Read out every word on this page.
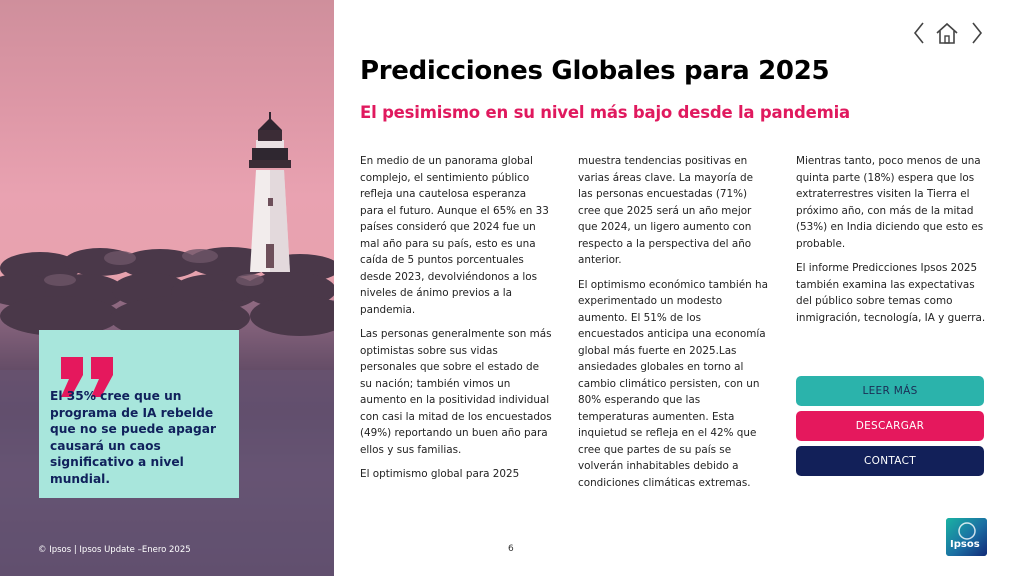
© Ipsos | Ipsos Update –Enero 2025
El 35% cree que un programa de IA rebelde que no se puede apagar causará un caos significativo a nivel mundial.
Predicciones Globales para 2025
El pesimismo en su nivel más bajo desde la pandemia

En medio de un panorama global complejo, el sentimiento público refleja una cautelosa esperanza para el futuro. Aunque el 65% en 33 países consideró que 2024 fue un mal año para su país, esto es una caída de 5 puntos porcentuales desde 2023, devolviéndonos a los niveles de ánimo previos a la pandemia.

Las personas generalmente son más optimistas sobre sus vidas personales que sobre el estado de su nación; también vimos un aumento en la positividad individual con casi la mitad de los encuestados (49%) reportando un buen año para ellos y sus familias.

El optimismo global para 2025

muestra tendencias positivas en varias áreas clave. La mayoría de las personas encuestadas (71%) cree que 2025 será un año mejor que 2024, un ligero aumento con respecto a la perspectiva del año anterior.

El optimismo económico también ha experimentado un modesto aumento. El 51% de los encuestados anticipa una economía global más fuerte en 2025.Las ansiedades globales en torno al cambio climático persisten, con un 80% esperando que las temperaturas aumenten. Esta inquietud se refleja en el 42% que cree que partes de su país se volverán inhabitables debido a condiciones climáticas extremas.

Mientras tanto, poco menos de una quinta parte (18%) espera que los extraterrestres visiten la Tierra el próximo año, con más de la mitad (53%) en India diciendo que esto es probable.

El informe Predicciones Ipsos 2025 también examina las expectativas del público sobre temas como inmigración, tecnología, IA y guerra.

LEER MÁS
DESCARGAR
CONTACT
6	Ipsos
